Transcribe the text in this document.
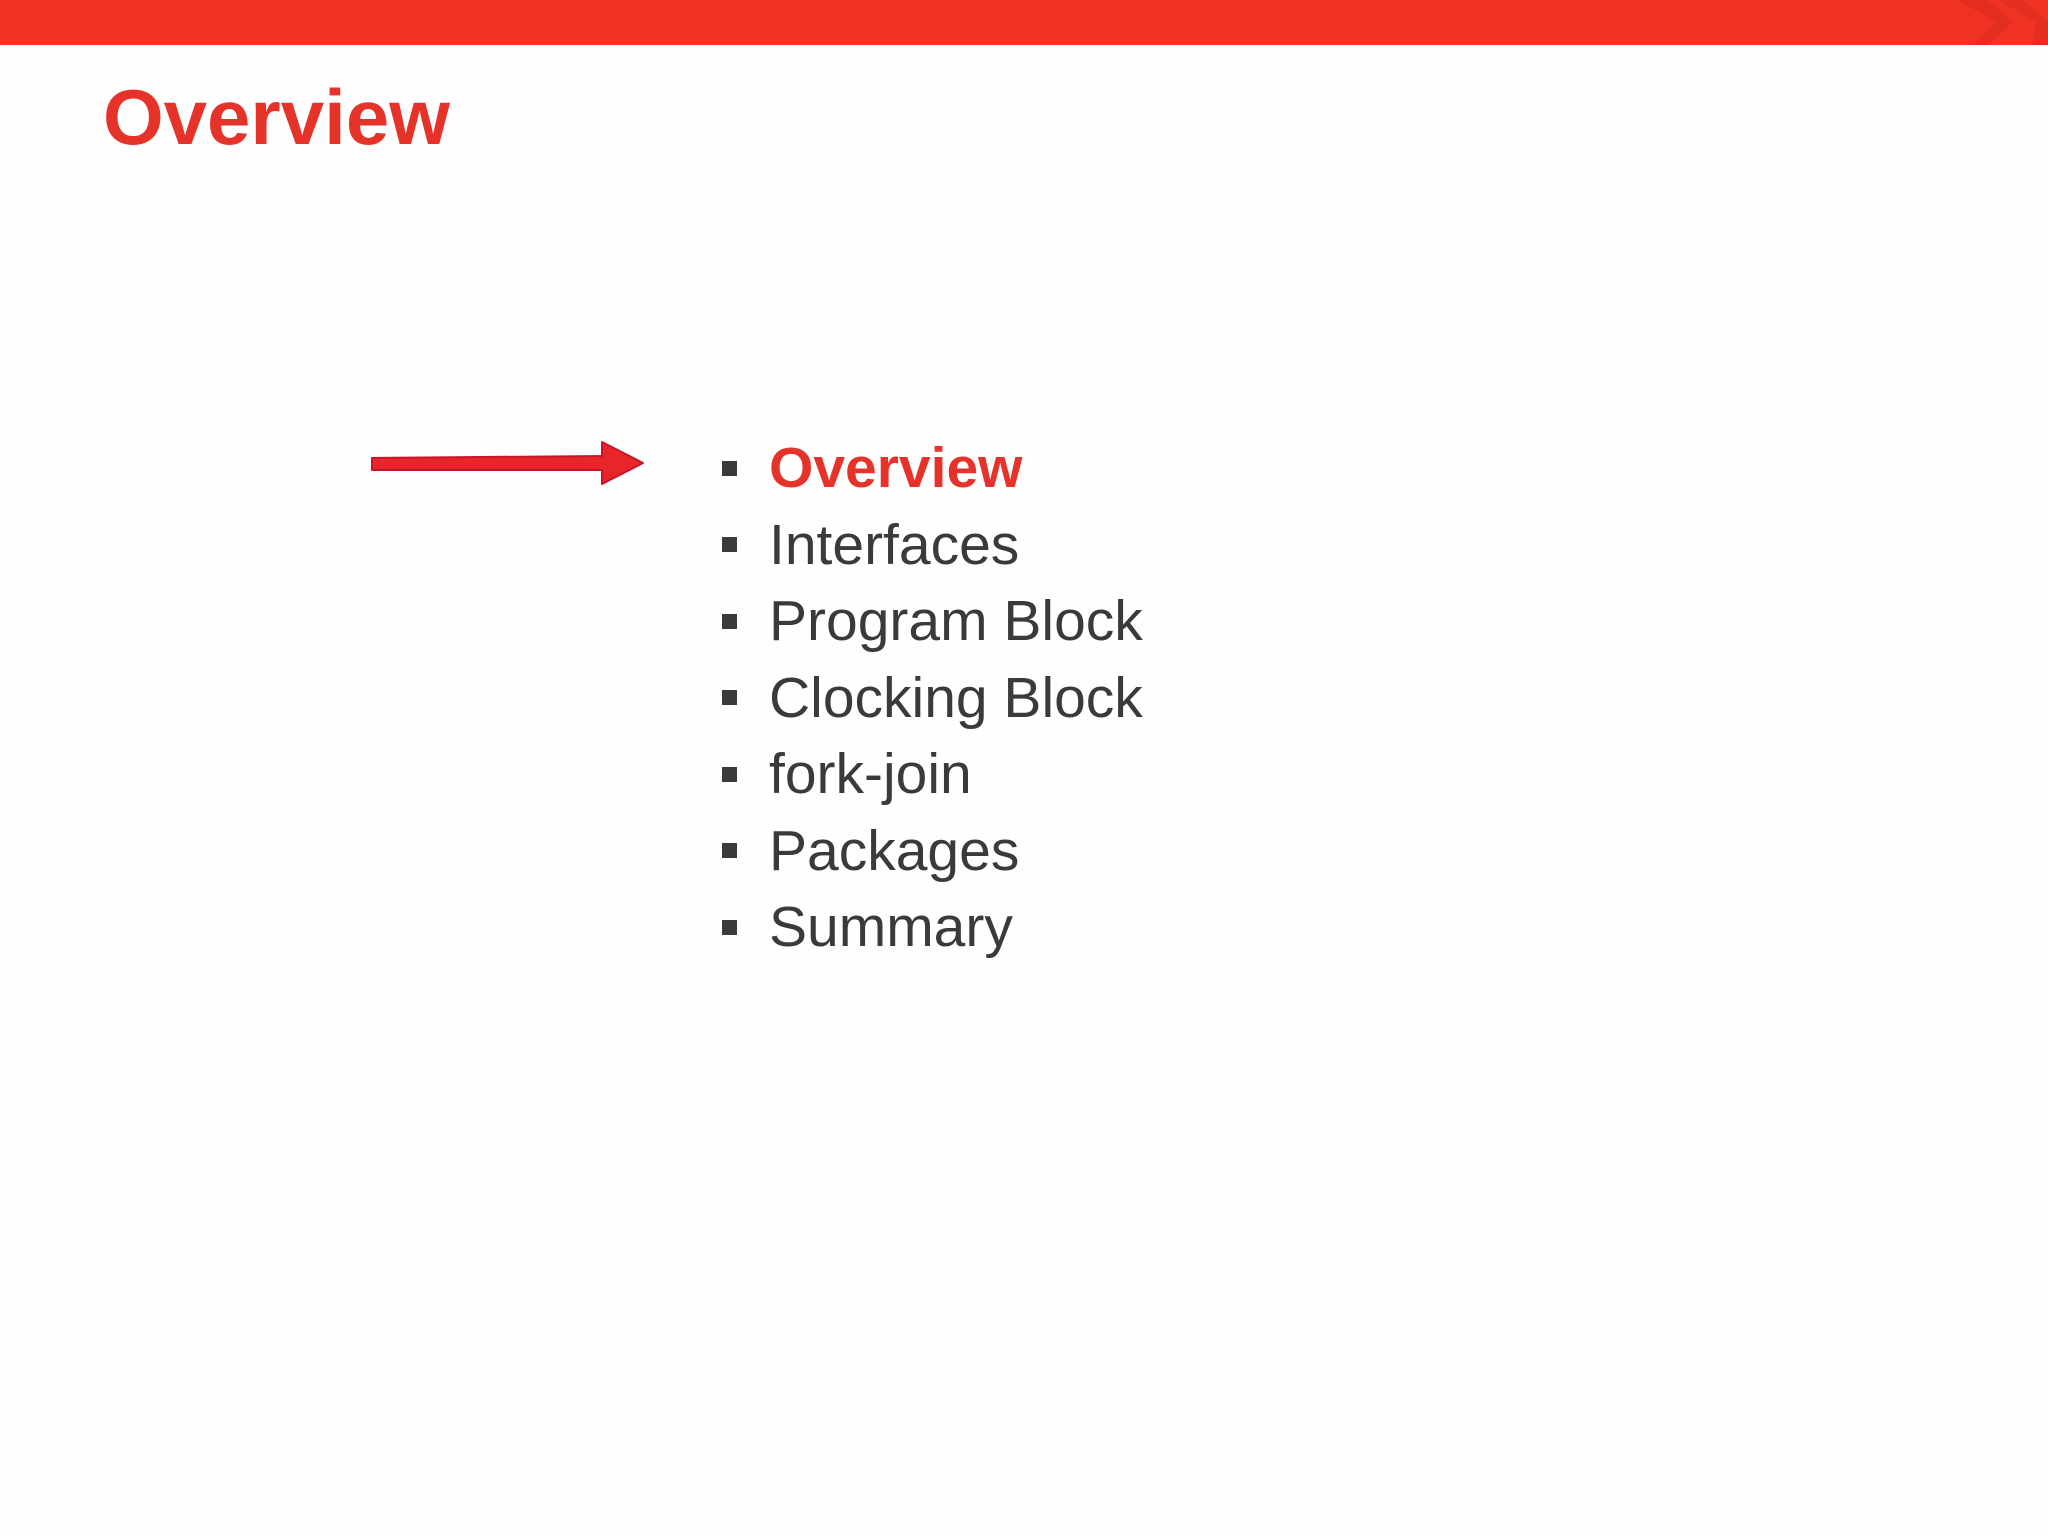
Overview
Overview
Interfaces
Program Block
Clocking Block
fork-join
Packages
Summary
